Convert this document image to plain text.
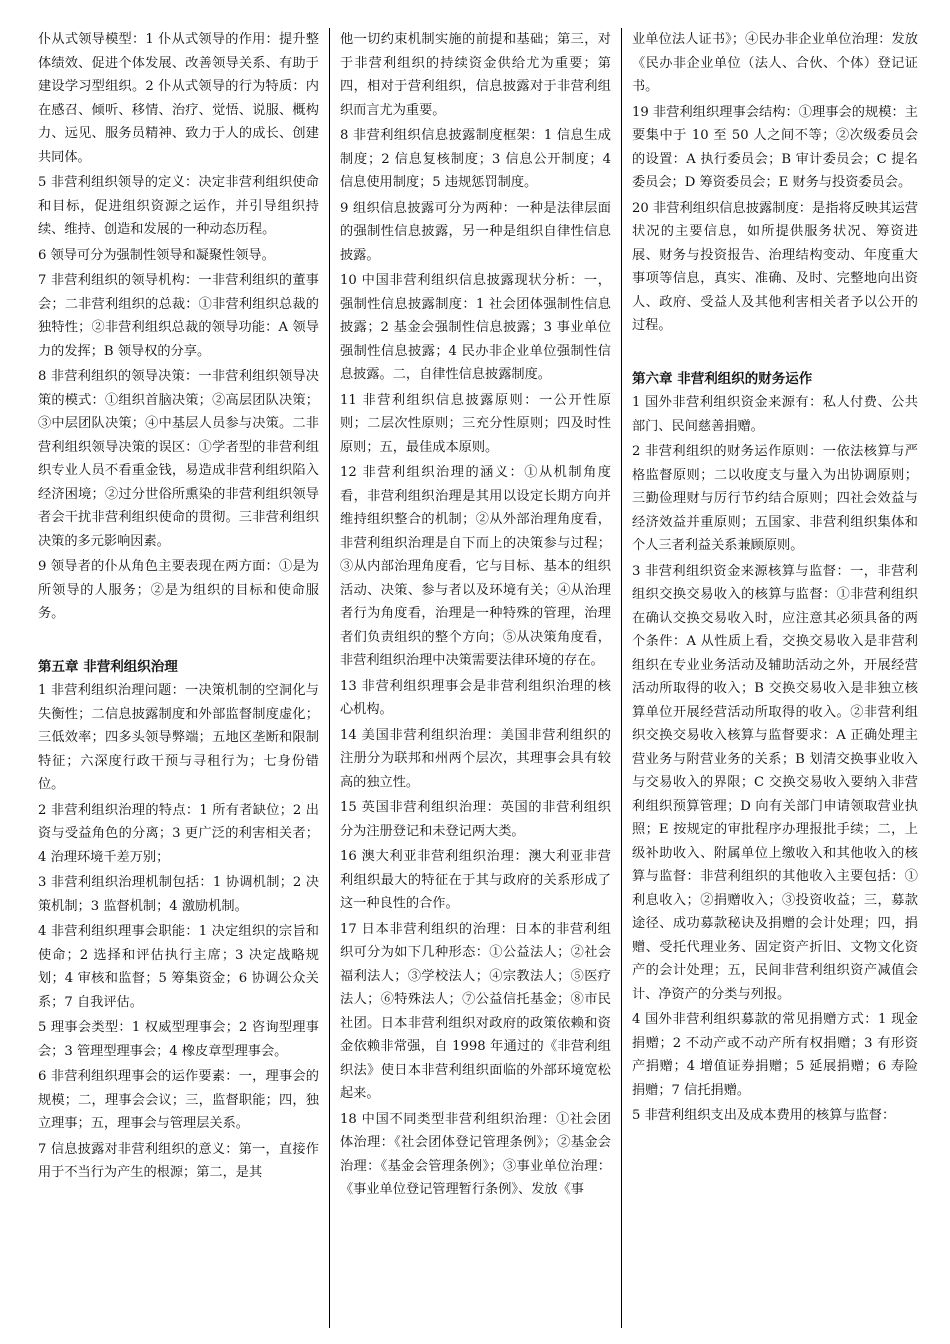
仆从式领导模型：1 仆从式领导的作用：提升整体绩效、促进个体发展、改善领导关系、有助于建设学习型组织。2 仆从式领导的行为特质：内在感召、倾听、移情、治疗、觉悟、说服、概构力、远见、服务员精神、致力于人的成长、创建共同体。

5 非营利组织领导的定义：决定非营利组织使命和目标，促进组织资源之运作，并引导组织持续、维持、创造和发展的一种动态历程。

6 领导可分为强制性领导和凝聚性领导。

7 非营利组织的领导机构：一非营利组织的董事会；二非营利组织的总裁：①非营利组织总裁的独特性；②非营利组织总裁的领导功能：A 领导力的发挥；B 领导权的分享。

8 非营利组织的领导决策：一非营利组织领导决策的模式：①组织首脑决策；②高层团队决策；③中层团队决策；④中基层人员参与决策。二非营利组织领导决策的误区：①学者型的非营利组织专业人员不看重金钱，易造成非营利组织陷入经济困境；②过分世俗所熏染的非营利组织领导者会干扰非营利组织使命的贯彻。三非营利组织决策的多元影响因素。

9 领导者的仆从角色主要表现在两方面：①是为所领导的人服务；②是为组织的目标和使命服务。

第五章 非营利组织治理

1 非营利组织治理问题：一决策机制的空洞化与失衡性；二信息披露制度和外部监督制度虚化；三低效率；四多头领导弊端；五地区垄断和限制特征；六深度行政干预与寻租行为；七身份错位。

2 非营利组织治理的特点：1 所有者缺位；2 出资与受益角色的分离；3 更广泛的利害相关者；4 治理环境千差万别；

3 非营利组织治理机制包括：1 协调机制；2 决策机制；3 监督机制；4 激励机制。

4 非营利组织理事会职能：1 决定组织的宗旨和使命；2 选择和评估执行主席；3 决定战略规划；4 审核和监督；5 筹集资金；6 协调公众关系；7 自我评估。

5 理事会类型：1 权威型理事会；2 咨询型理事会；3 管理型理事会；4 橡皮章型理事会。

6 非营利组织理事会的运作要素：一，理事会的规模；二，理事会会议；三，监督职能；四，独立理事；五，理事会与管理层关系。

7 信息披露对非营利组织的意义：第一，直接作用于不当行为产生的根源；第二，是其

他一切约束机制实施的前提和基础；第三，对于非营利组织的持续资金供给尤为重要；第四，相对于营利组织，信息披露对于非营利组织而言尤为重要。

8 非营利组织信息披露制度框架：1 信息生成制度；2 信息复核制度；3 信息公开制度；4 信息使用制度；5 违规惩罚制度。

9 组织信息披露可分为两种：一种是法律层面的强制性信息披露，另一种是组织自律性信息披露。

10 中国非营利组织信息披露现状分析：一，强制性信息披露制度：1 社会团体强制性信息披露；2 基金会强制性信息披露；3 事业单位强制性信息披露；4 民办非企业单位强制性信息披露。二，自律性信息披露制度。

11 非营利组织信息披露原则：一公开性原则；二层次性原则；三充分性原则；四及时性原则；五，最佳成本原则。

12 非营利组织治理的涵义：①从机制角度看，非营利组织治理是其用以设定长期方向并维持组织整合的机制；②从外部治理角度看，非营利组织治理是自下而上的决策参与过程；③从内部治理角度看，它与目标、基本的组织活动、决策、参与者以及环境有关；④从治理者行为角度看，治理是一种特殊的管理，治理者们负责组织的整个方向；⑤从决策角度看，非营利组织治理中决策需要法律环境的存在。

13 非营利组织理事会是非营利组织治理的核心机构。

14 美国非营利组织治理：美国非营利组织的注册分为联邦和州两个层次，其理事会具有较高的独立性。

15 英国非营利组织治理：英国的非营利组织分为注册登记和未登记两大类。

16 澳大利亚非营利组织治理：澳大利亚非营利组织最大的特征在于其与政府的关系形成了这一种良性的合作。

17 日本非营利组织的治理：日本的非营利组织可分为如下几种形态：①公益法人；②社会福利法人；③学校法人；④宗教法人；⑤医疗法人；⑥特殊法人；⑦公益信托基金；⑧市民社团。日本非营利组织对政府的政策依赖和资金依赖非常强，自 1998 年通过的《非营利组织法》使日本非营利组织面临的外部环境宽松起来。

18 中国不同类型非营利组织治理：①社会团体治理：《社会团体登记管理条例》；②基金会治理：《基金会管理条例》；③事业单位治理：《事业单位登记管理暂行条例》、发放《事

业单位法人证书》；④民办非企业单位治理：发放《民办非企业单位（法人、合伙、个体）登记证书。

19 非营利组织理事会结构：①理事会的规模：主要集中于 10 至 50 人之间不等；②次级委员会的设置：A 执行委员会；B 审计委员会；C 提名委员会；D 筹资委员会；E 财务与投资委员会。

20 非营利组织信息披露制度：是指将反映其运营状况的主要信息，如所提供服务状况、筹资进展、财务与投资报告、治理结构变动、年度重大事项等信息，真实、准确、及时、完整地向出资人、政府、受益人及其他利害相关者予以公开的过程。

第六章 非营利组织的财务运作

1 国外非营利组织资金来源有：私人付费、公共部门、民间慈善捐赠。

2 非营利组织的财务运作原则：一依法核算与严格监督原则；二以收度支与量入为出协调原则；三勤俭理财与厉行节约结合原则；四社会效益与经济效益并重原则；五国家、非营利组织集体和个人三者利益关系兼顾原则。

3 非营利组织资金来源核算与监督：一，非营利组织交换交易收入的核算与监督：①非营利组织在确认交换交易收入时，应注意其必须具备的两个条件：A 从性质上看，交换交易收入是非营利组织在专业业务活动及辅助活动之外，开展经营活动所取得的收入；B 交换交易收入是非独立核算单位开展经营活动所取得的收入。②非营利组织交换交易收入核算与监督要求：A 正确处理主营业务与附营业务的关系；B 划清交换事业收入与交易收入的界限；C 交换交易收入要纳入非营利组织预算管理；D 向有关部门申请领取营业执照；E 按规定的审批程序办理报批手续；二，上级补助收入、附属单位上缴收入和其他收入的核算与监督：非营利组织的其他收入主要包括：①利息收入；②捐赠收入；③投资收益；三，募款途径、成功募款秘诀及捐赠的会计处理；四，捐赠、受托代理业务、固定资产折旧、文物文化资产的会计处理；五，民间非营利组织资产减值会计、净资产的分类与列报。

4 国外非营利组织募款的常见捐赠方式：1 现金捐赠；2 不动产或不动产所有权捐赠；3 有形资产捐赠；4 增值证券捐赠；5 延展捐赠；6 寿险捐赠；7 信托捐赠。

5 非营利组织支出及成本费用的核算与监督：
